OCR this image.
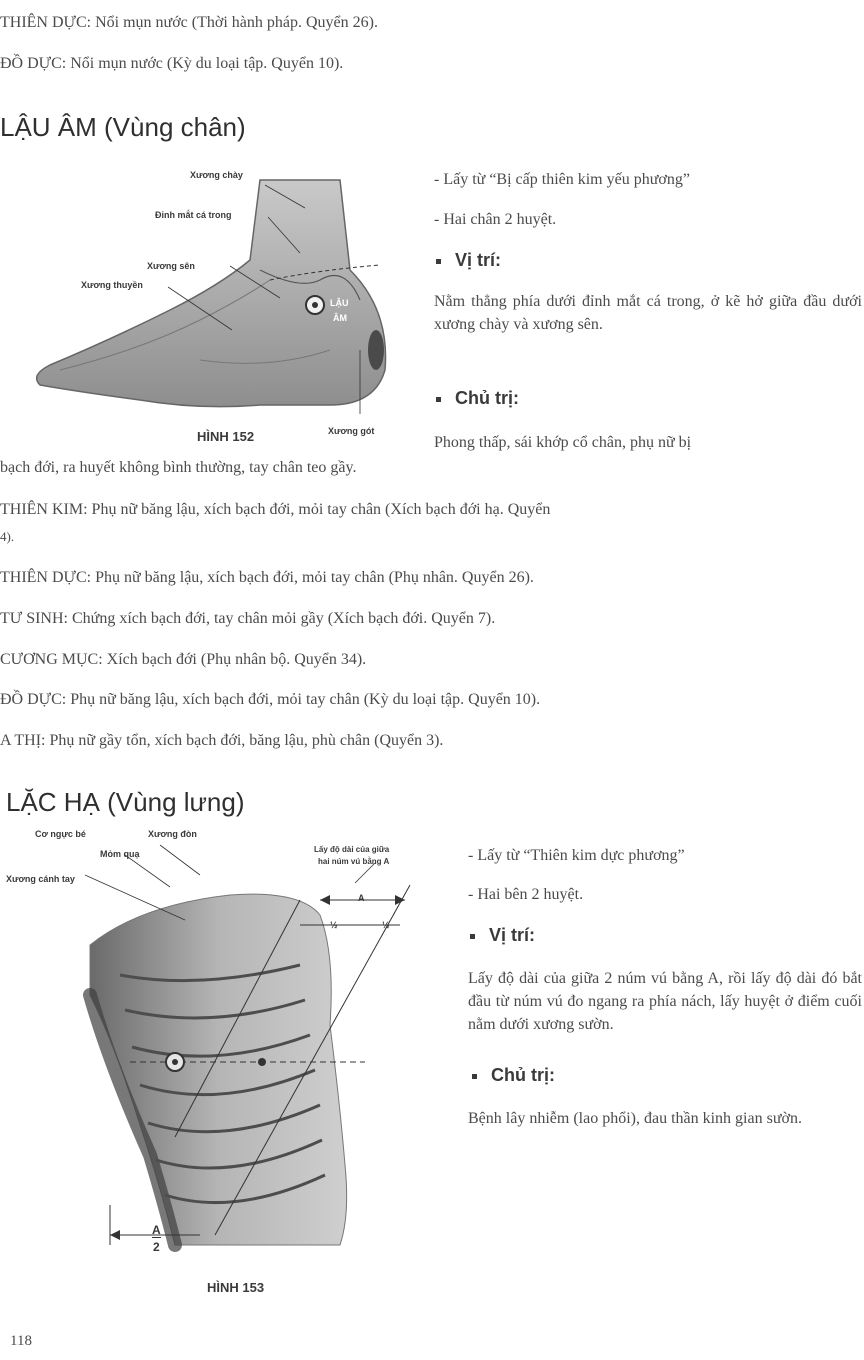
THIÊN DỰC: Nổi mụn nước (Thời hành pháp. Quyển 26).
ĐỒ DỰC: Nổi mụn nước (Kỳ du loại tập. Quyển 10).
LẬU ÂM (Vùng chân)
Xương chày
Đỉnh mắt cá trong
Xương sên
Xương thuyền
LẬU
ÂM
Xương gót
HÌNH 152
- Lấy từ “Bị cấp thiên kim yếu phương”
- Hai chân 2 huyệt.
Vị trí:
Nằm thẳng phía dưới đỉnh mắt cá trong, ở kẽ hở giữa đầu dưới xương chày và xương sên.
Chủ trị:
Phong thấp, sái khớp cổ chân, phụ nữ bị
bạch đới, ra huyết không bình thường, tay chân teo gầy.
THIÊN KIM: Phụ nữ băng lậu, xích bạch đới, mỏi tay chân (Xích bạch đới hạ. Quyển
4).
THIÊN DỰC: Phụ nữ băng lậu, xích bạch đới, mỏi tay chân (Phụ nhân. Quyển 26).
TƯ SINH: Chứng xích bạch đới, tay chân mỏi gầy (Xích bạch đới. Quyển 7).
CƯƠNG MỤC: Xích bạch đới (Phụ nhân bộ. Quyển 34).
ĐỒ DỰC: Phụ nữ băng lậu, xích bạch đới, mỏi tay chân (Kỳ du loại tập. Quyển 10).
A THỊ: Phụ nữ gầy tổn, xích bạch đới, băng lậu, phù chân (Quyển 3).
LẶC HẠ (Vùng lưng)
Cơ ngực bé	Xương đòn
Mỏm quạ
Xương cánh tay
Lấy độ dài của giữa
hai núm vú bằng A
A
½	½
A
2
HÌNH 153
- Lấy từ “Thiên kim dực phương”
- Hai bên 2 huyệt.
Vị trí:
Lấy độ dài của giữa 2 núm vú bằng A, rồi lấy độ dài đó bắt đầu từ núm vú đo ngang ra phía nách, lấy huyệt ở điểm cuối nằm dưới xương sườn.
Chủ trị:
Bệnh lây nhiễm (lao phổi), đau thần kinh gian sườn.
118
